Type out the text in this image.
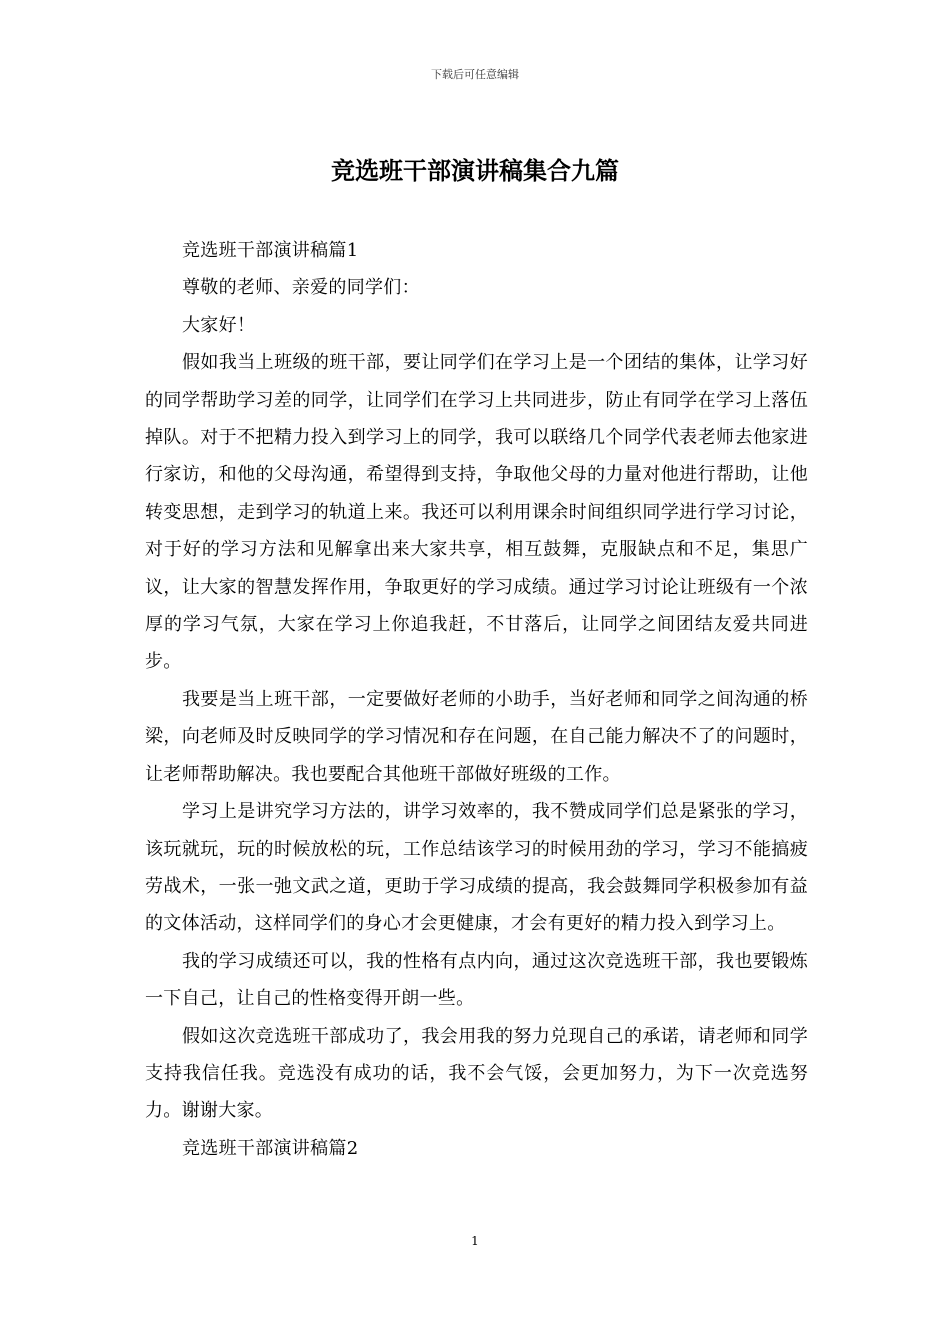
下载后可任意编辑
竞选班干部演讲稿集合九篇

竞选班干部演讲稿篇1

尊敬的老师、亲爱的同学们：

大家好！

假如我当上班级的班干部，要让同学们在学习上是一个团结的集体，让学习好的同学帮助学习差的同学，让同学们在学习上共同进步，防止有同学在学习上落伍掉队。对于不把精力投入到学习上的同学，我可以联络几个同学代表老师去他家进行家访，和他的父母沟通，希望得到支持，争取他父母的力量对他进行帮助，让他转变思想，走到学习的轨道上来。我还可以利用课余时间组织同学进行学习讨论，对于好的学习方法和见解拿出来大家共享，相互鼓舞，克服缺点和不足，集思广议，让大家的智慧发挥作用，争取更好的学习成绩。通过学习讨论让班级有一个浓厚的学习气氛，大家在学习上你追我赶，不甘落后，让同学之间团结友爱共同进步。

我要是当上班干部，一定要做好老师的小助手，当好老师和同学之间沟通的桥梁，向老师及时反映同学的学习情况和存在问题，在自己能力解决不了的问题时，让老师帮助解决。我也要配合其他班干部做好班级的工作。

学习上是讲究学习方法的，讲学习效率的，我不赞成同学们总是紧张的学习，该玩就玩，玩的时候放松的玩，工作总结该学习的时候用劲的学习，学习不能搞疲劳战术，一张一弛文武之道，更助于学习成绩的提高，我会鼓舞同学积极参加有益的文体活动，这样同学们的身心才会更健康，才会有更好的精力投入到学习上。

我的学习成绩还可以，我的性格有点内向，通过这次竞选班干部，我也要锻炼一下自己，让自己的性格变得开朗一些。

假如这次竞选班干部成功了，我会用我的努力兑现自己的承诺，请老师和同学支持我信任我。竞选没有成功的话，我不会气馁，会更加努力，为下一次竞选努力。谢谢大家。

竞选班干部演讲稿篇2

1
